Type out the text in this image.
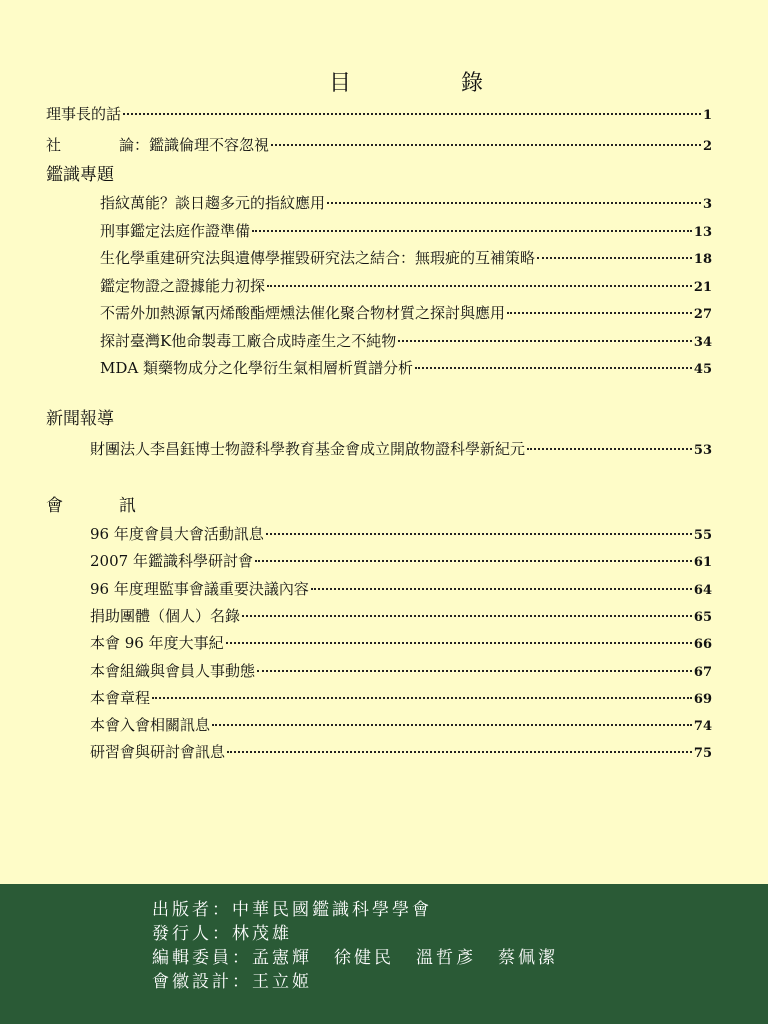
目　錄
理事長的話	1
社	論：鑑識倫理不容忽視	2
鑑識專題
指紋萬能？談日趨多元的指紋應用	3
刑事鑑定法庭作證準備	13
生化學重建研究法與遺傳學摧毀研究法之結合：無瑕疵的互補策略	18
鑑定物證之證據能力初探	21
不需外加熱源氰丙烯酸酯煙燻法催化聚合物材質之探討與應用	27
探討臺灣K他命製毒工廠合成時產生之不純物	34
MDA 類藥物成分之化學衍生氣相層析質譜分析	45
新聞報導
財團法人李昌鈺博士物證科學教育基金會成立開啟物證科學新紀元	53
會	訊
96 年度會員大會活動訊息	55
2007 年鑑識科學研討會	61
96 年度理監事會議重要決議內容	64
捐助團體（個人）名錄	65
本會 96 年度大事紀	66
本會組織與會員人事動態	67
本會章程	69
本會入會相關訊息	74
研習會與研討會訊息	75
出版者：中華民國鑑識科學學會
發行人：林茂雄
編輯委員：孟憲輝 徐健民 溫哲彥 蔡佩潔
會徽設計：王立姬
